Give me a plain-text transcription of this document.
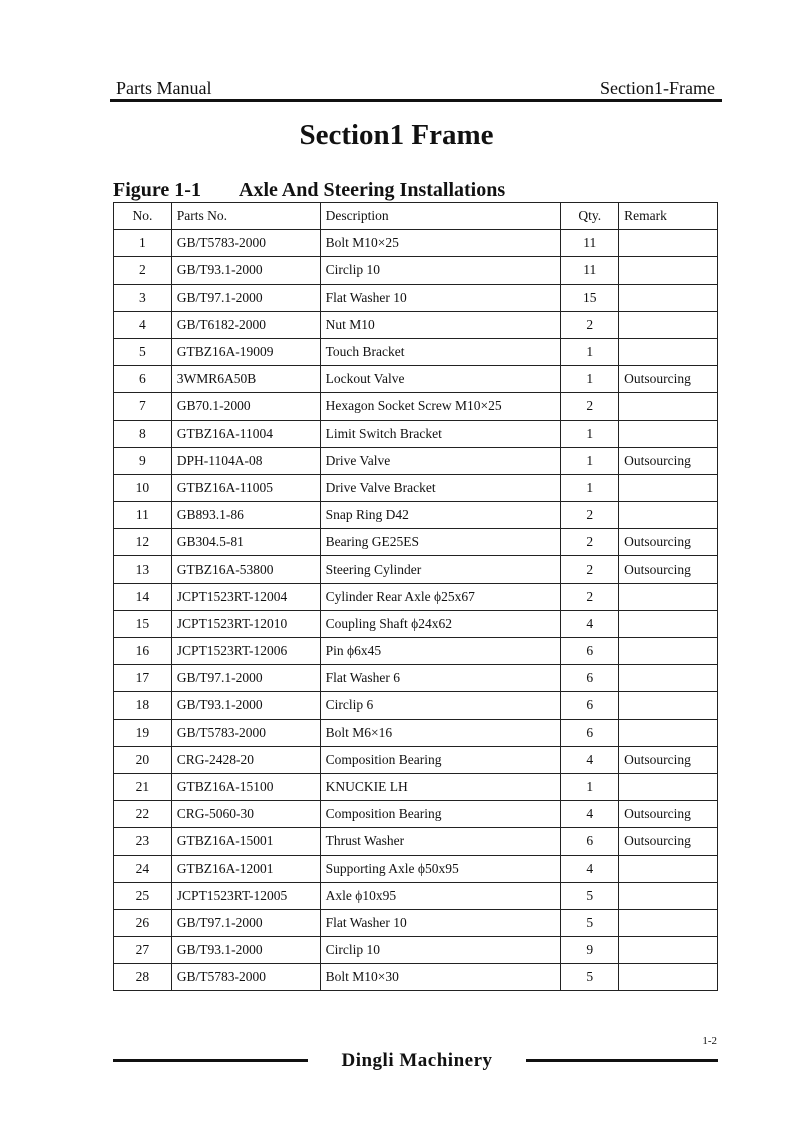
Parts Manual	Section1-Frame
Section1 Frame
Figure 1-1 Axle And Steering Installations
No.	Parts No.	Description	Qty.	Remark
1	GB/T5783-2000	Bolt M10×25	11	
2	GB/T93.1-2000	Circlip 10	11	
3	GB/T97.1-2000	Flat Washer 10	15	
4	GB/T6182-2000	Nut M10	2	
5	GTBZ16A-19009	Touch Bracket	1	
6	3WMR6A50B	Lockout Valve	1	Outsourcing
7	GB70.1-2000	Hexagon Socket Screw M10×25	2	
8	GTBZ16A-11004	Limit Switch Bracket	1	
9	DPH-1104A-08	Drive Valve	1	Outsourcing
10	GTBZ16A-11005	Drive Valve Bracket	1	
11	GB893.1-86	Snap Ring D42	2	
12	GB304.5-81	Bearing GE25ES	2	Outsourcing
13	GTBZ16A-53800	Steering Cylinder	2	Outsourcing
14	JCPT1523RT-12004	Cylinder Rear Axle ϕ25x67	2	
15	JCPT1523RT-12010	Coupling Shaft ϕ24x62	4	
16	JCPT1523RT-12006	Pin ϕ6x45	6	
17	GB/T97.1-2000	Flat Washer 6	6	
18	GB/T93.1-2000	Circlip 6	6	
19	GB/T5783-2000	Bolt M6×16	6	
20	CRG-2428-20	Composition Bearing	4	Outsourcing
21	GTBZ16A-15100	KNUCKIE LH	1	
22	CRG-5060-30	Composition Bearing	4	Outsourcing
23	GTBZ16A-15001	Thrust Washer	6	Outsourcing
24	GTBZ16A-12001	Supporting Axle ϕ50x95	4	
25	JCPT1523RT-12005	Axle ϕ10x95	5	
26	GB/T97.1-2000	Flat Washer 10	5	
27	GB/T93.1-2000	Circlip 10	9	
28	GB/T5783-2000	Bolt M10×30	5	
1-2
Dingli Machinery
